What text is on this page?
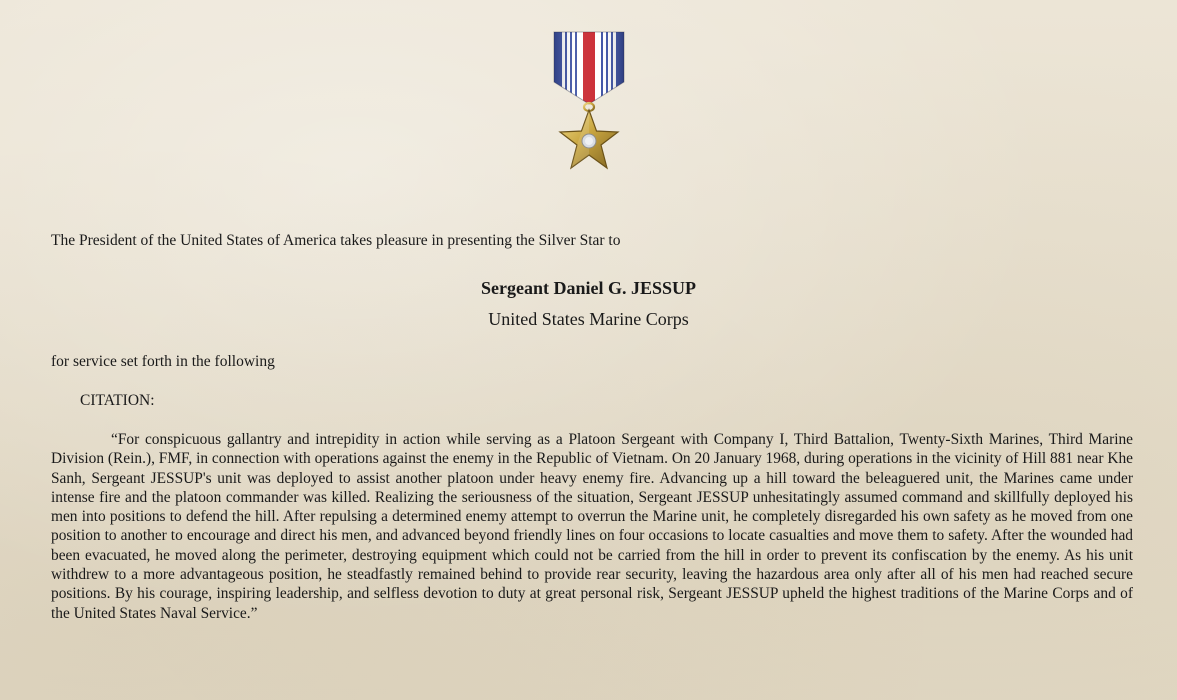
The President of the United States of America takes pleasure in presenting the Silver Star to
Sergeant Daniel G. JESSUP
United States Marine Corps
for service set forth in the following
CITATION:

“For conspicuous gallantry and intrepidity in action while serving as a Platoon Sergeant with Company I, Third Battalion, Twenty-Sixth Marines, Third Marine Division (Rein.), FMF, in connection with operations against the enemy in the Republic of Vietnam. On 20 January 1968, during operations in the vicinity of Hill 881 near Khe Sanh, Sergeant JESSUP's unit was deployed to assist another platoon under heavy enemy fire. Advancing up a hill toward the beleaguered unit, the Marines came under intense fire and the platoon commander was killed. Realizing the seriousness of the situation, Sergeant JESSUP unhesitatingly assumed command and skillfully deployed his men into positions to defend the hill. After repulsing a determined enemy attempt to overrun the Marine unit, he completely disregarded his own safety as he moved from one position to another to encourage and direct his men, and advanced beyond friendly lines on four occasions to locate casualties and move them to safety. After the wounded had been evacuated, he moved along the perimeter, destroying equipment which could not be carried from the hill in order to prevent its confiscation by the enemy. As his unit withdrew to a more advantageous position, he steadfastly remained behind to provide rear security, leaving the hazardous area only after all of his men had reached secure positions. By his courage, inspiring leadership, and selfless devotion to duty at great personal risk, Sergeant JESSUP upheld the highest traditions of the Marine Corps and of the United States Naval Service.”
